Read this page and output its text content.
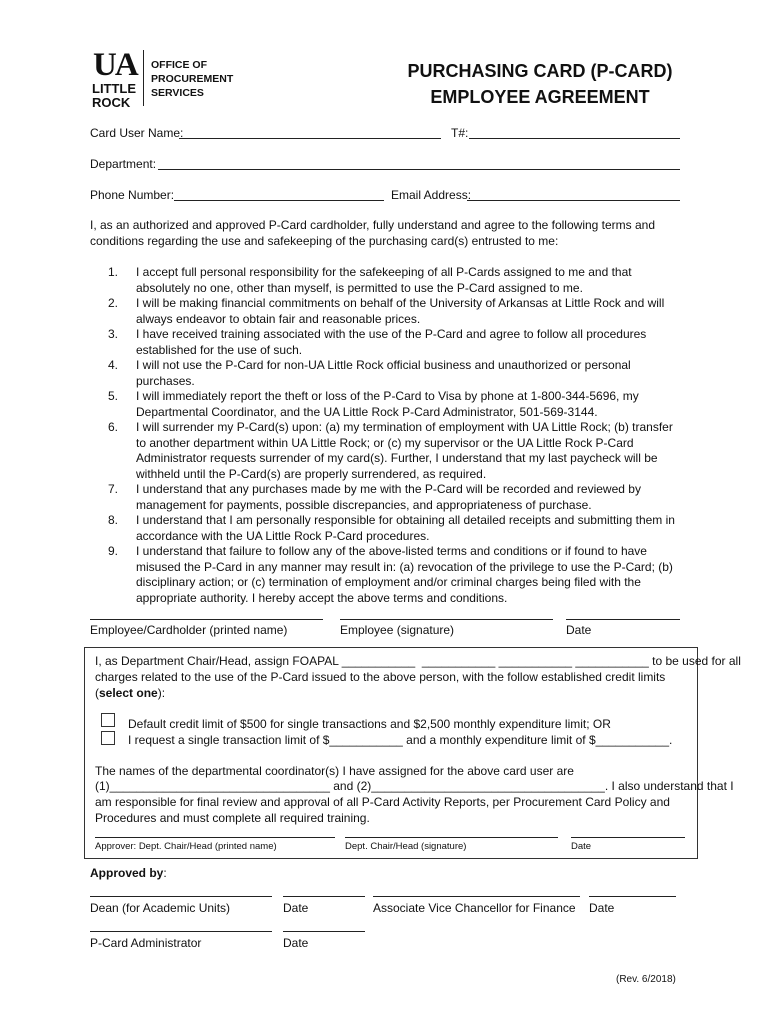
UA
LITTLE
ROCK
OFFICE OF
PROCUREMENT
SERVICES
PURCHASING CARD (P-CARD)
EMPLOYEE AGREEMENT
Card User Name:	T#:
Department:
Phone Number:	Email Address:
I, as an authorized and approved P-Card cardholder, fully understand and agree to the following terms and conditions regarding the use and safekeeping of the purchasing card(s) entrusted to me:
1.	I accept full personal responsibility for the safekeeping of all P-Cards assigned to me and that absolutely no one, other than myself, is permitted to use the P-Card assigned to me.
2.	I will be making financial commitments on behalf of the University of Arkansas at Little Rock and will always endeavor to obtain fair and reasonable prices.
3.	I have received training associated with the use of the P-Card and agree to follow all procedures established for the use of such.
4.	I will not use the P-Card for non-UA Little Rock official business and unauthorized or personal purchases.
5.	I will immediately report the theft or loss of the P-Card to Visa by phone at 1-800-344-5696, my Departmental Coordinator, and the UA Little Rock P-Card Administrator, 501-569-3144.
6.	I will surrender my P-Card(s) upon: (a) my termination of employment with UA Little Rock; (b) transfer to another department within UA Little Rock; or (c) my supervisor or the UA Little Rock P-Card Administrator requests surrender of my card(s). Further, I understand that my last paycheck will be withheld until the P-Card(s) are properly surrendered, as required.
7.	I understand that any purchases made by me with the P-Card will be recorded and reviewed by management for payments, possible discrepancies, and appropriateness of purchase.
8.	I understand that I am personally responsible for obtaining all detailed receipts and submitting them in accordance with the UA Little Rock P-Card procedures.
9.	I understand that failure to follow any of the above-listed terms and conditions or if found to have misused the P-Card in any manner may result in: (a) revocation of the privilege to use the P-Card; (b) disciplinary action; or (c) termination of employment and/or criminal charges being filed with the appropriate authority. I hereby accept the above terms and conditions.
Employee/Cardholder (printed name)	Employee (signature)	Date
I, as Department Chair/Head, assign FOAPAL ___________ ___________ ___________ ___________ to be used for all
charges related to the use of the P-Card issued to the above person, with the follow established credit limits
(select one):
Default credit limit of $500 for single transactions and $2,500 monthly expenditure limit; OR
I request a single transaction limit of $___________ and a monthly expenditure limit of $___________.
The names of the departmental coordinator(s) I have assigned for the above card user are
(1)_________________________________ and (2)___________________________________. I also understand that I
am responsible for final review and approval of all P-Card Activity Reports, per Procurement Card Policy and
Procedures and must complete all required training.
Approver: Dept. Chair/Head (printed name)	Dept. Chair/Head (signature)	Date
Approved by:
Dean (for Academic Units)	Date	Associate Vice Chancellor for Finance Date
P-Card Administrator	Date
(Rev. 6/2018)
